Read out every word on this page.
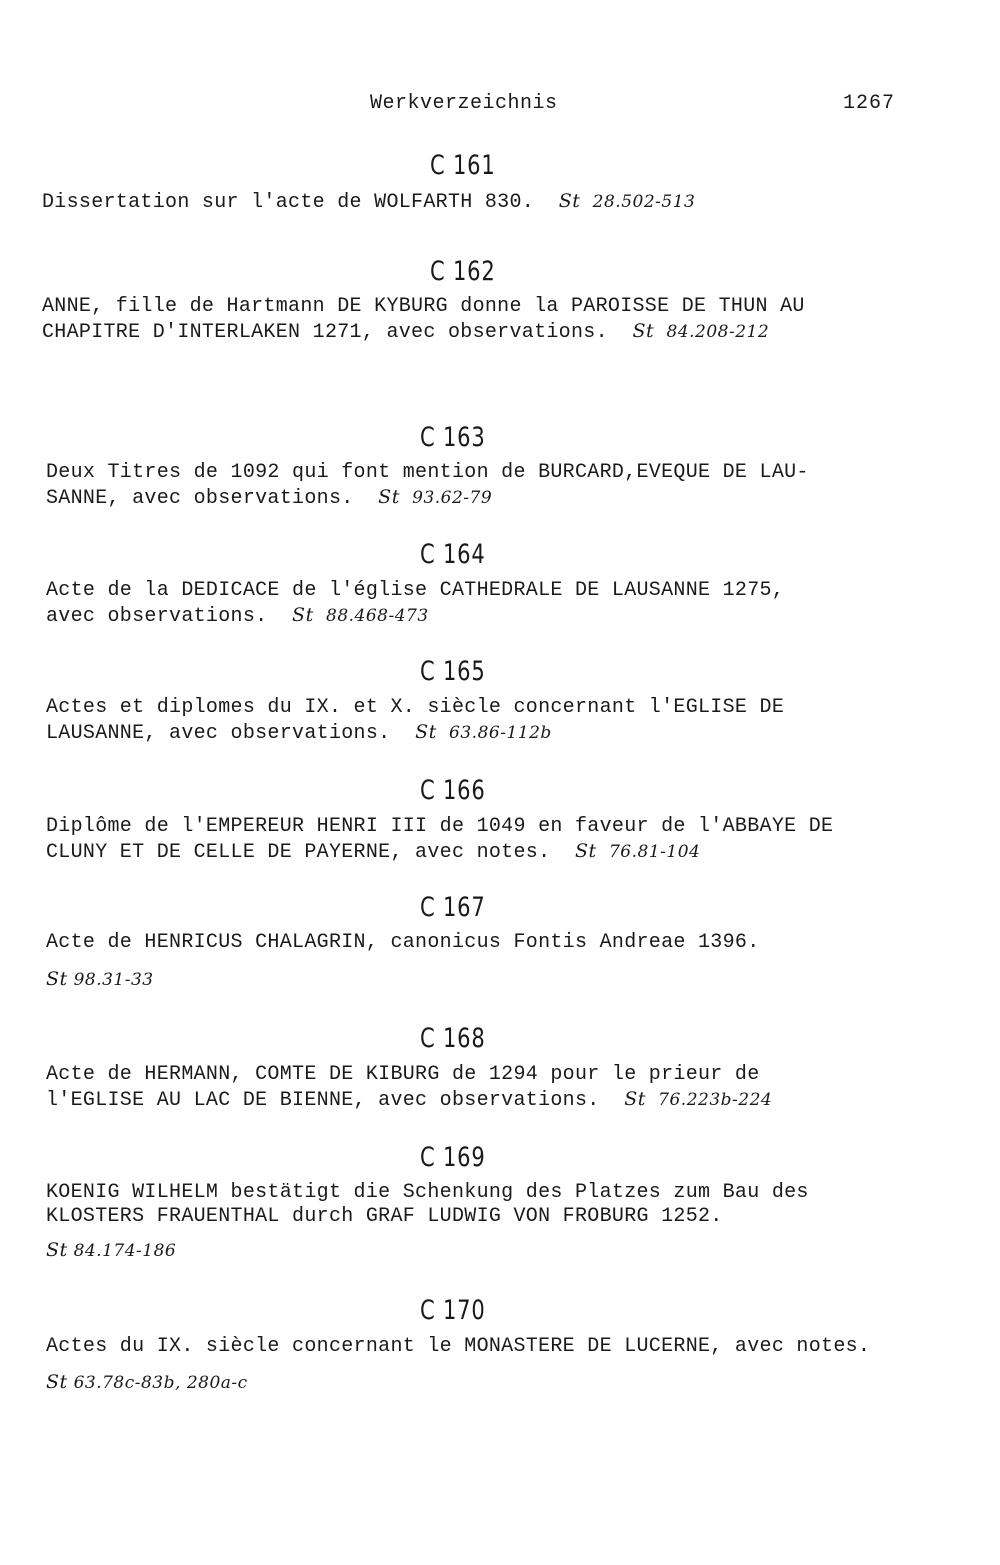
Werkverzeichnis	1267
C 161
Dissertation sur l'acte de WOLFARTH 830. St 28.502-513
C 162
ANNE, fille de Hartmann DE KYBURG donne la PAROISSE DE THUN AU
CHAPITRE D'INTERLAKEN 1271, avec observations. St 84.208-212
C 163
Deux Titres de 1092 qui font mention de BURCARD,EVEQUE DE LAU-
SANNE, avec observations. St 93.62-79
C 164
Acte de la DEDICACE de l'église CATHEDRALE DE LAUSANNE 1275,
avec observations. St 88.468-473
C 165
Actes et diplomes du IX. et X. siècle concernant l'EGLISE DE
LAUSANNE, avec observations. St 63.86-112b
C 166
Diplôme de l'EMPEREUR HENRI III de 1049 en faveur de l'ABBAYE DE
CLUNY ET DE CELLE DE PAYERNE, avec notes. St 76.81-104
C 167
Acte de HENRICUS CHALAGRIN, canonicus Fontis Andreae 1396.
St 98.31-33
C 168
Acte de HERMANN, COMTE DE KIBURG de 1294 pour le prieur de
l'EGLISE AU LAC DE BIENNE, avec observations. St 76.223b-224
C 169
KOENIG WILHELM bestätigt die Schenkung des Platzes zum Bau des
KLOSTERS FRAUENTHAL durch GRAF LUDWIG VON FROBURG 1252.
St 84.174-186
C 170
Actes du IX. siècle concernant le MONASTERE DE LUCERNE, avec notes.
St 63.78c-83b, 280a-c
